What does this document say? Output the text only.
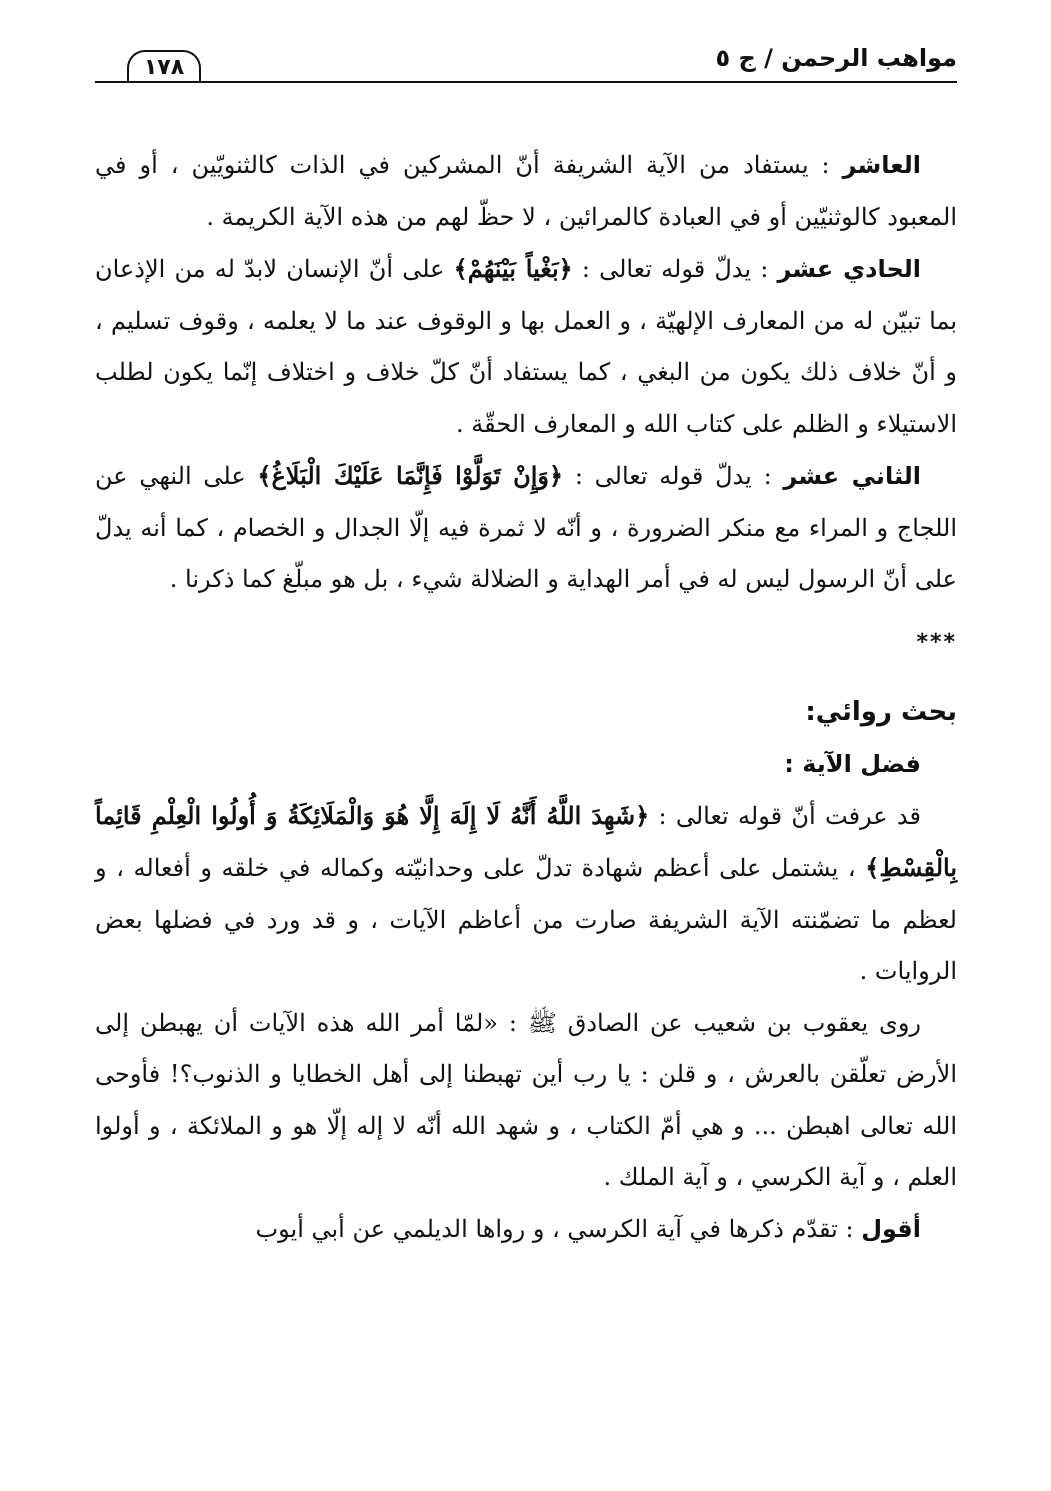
مواهب الرحمن / ج ٥
١٧٨

العاشر : يستفاد من الآية الشريفة أنّ المشركين في الذات كالثنويّين ، أو في المعبود كالوثنيّين أو في العبادة كالمرائين ، لا حظّ لهم من هذه الآية الكريمة .

الحادي عشر : يدلّ قوله تعالى : ﴿بَغْياً بَيْنَهُمْ﴾ على أنّ الإنسان لابدّ له من الإذعان بما تبيّن له من المعارف الإلهيّة ، و العمل بها و الوقوف عند ما لا يعلمه ، وقوف تسليم ، و أنّ خلاف ذلك يكون من البغي ، كما يستفاد أنّ كلّ خلاف و اختلاف إنّما يكون لطلب الاستيلاء و الظلم على كتاب الله و المعارف الحقّة .

الثاني عشر : يدلّ قوله تعالى : ﴿وَإِنْ تَوَلَّوْا فَإِنَّمَا عَلَيْكَ الْبَلَاغُ﴾ على النهي عن اللجاج و المراء مع منكر الضرورة ، و أنّه لا ثمرة فيه إلّا الجدال و الخصام ، كما أنه يدلّ على أنّ الرسول ليس له في أمر الهداية و الضلالة شيء ، بل هو مبلّغ كما ذكرنا .

***

بحث روائي:

فضل الآية :

قد عرفت أنّ قوله تعالى : ﴿شَهِدَ اللَّهُ أَنَّهُ لَا إِلَهَ إِلَّا هُوَ وَالْمَلَائِكَةُ وَ أُولُوا الْعِلْمِ قَائِماً بِالْقِسْطِ﴾ ، يشتمل على أعظم شهادة تدلّ على وحدانيّته وكماله في خلقه و أفعاله ، و لعظم ما تضمّنته الآية الشريفة صارت من أعاظم الآيات ، و قد ورد في فضلها بعض الروايات .

روى يعقوب بن شعيب عن الصادق ﷺ : «لمّا أمر الله هذه الآيات أن يهبطن إلى الأرض تعلّقن بالعرش ، و قلن : يا رب أين تهبطنا إلى أهل الخطايا و الذنوب؟! فأوحى الله تعالى اهبطن ... و هي أمّ الكتاب ، و شهد الله أنّه لا إله إلّا هو و الملائكة ، و أولوا العلم ، و آية الكرسي ، و آية الملك .

أقول : تقدّم ذكرها في آية الكرسي ، و رواها الديلمي عن أبي أيوب
